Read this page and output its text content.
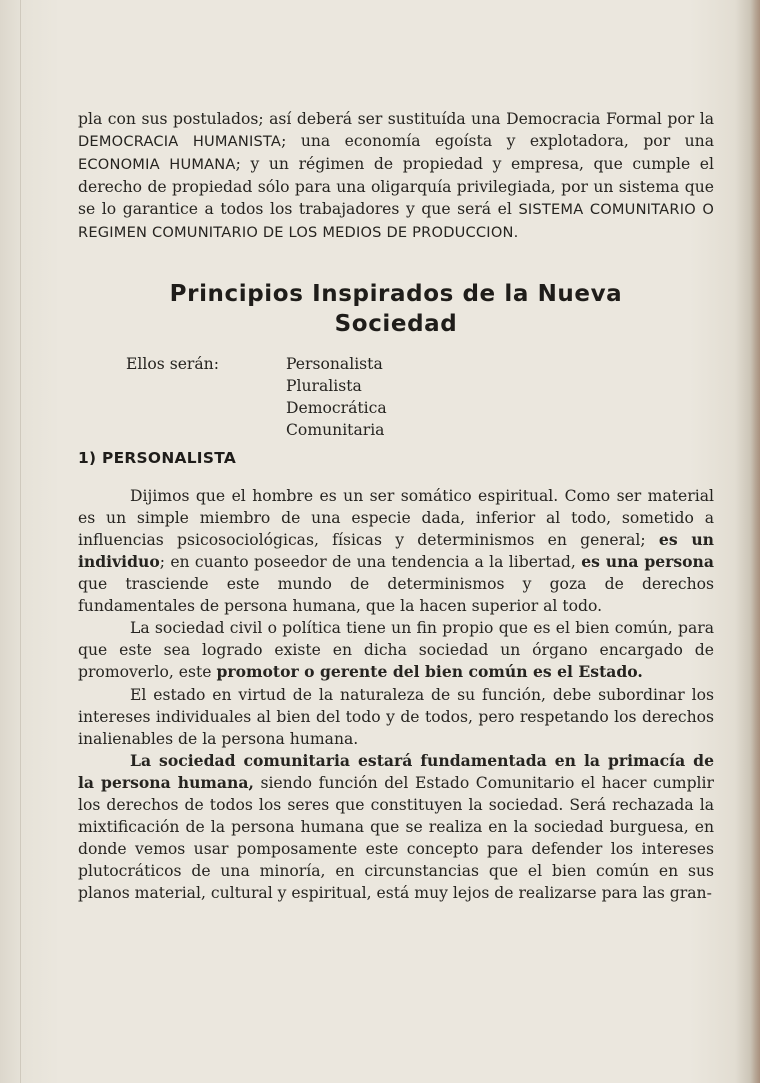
pla con sus postulados; así deberá ser sustituída una Democracia Formal por la DEMOCRACIA HUMANISTA; una economía egoísta y explotadora, por una ECONOMIA HUMANA; y un régimen de propiedad y empresa, que cumple el derecho de propiedad sólo para una oligarquía privilegiada, por un sistema que se lo garantice a todos los trabajadores y que será el SISTEMA COMUNITARIO O REGIMEN COMUNITARIO DE LOS MEDIOS DE PRODUCCION.

Principios Inspirados de la Nueva
Sociedad
Ellos serán:	Personalista
Pluralista
Democrática
Comunitaria
1) PERSONALISTA

Dijimos que el hombre es un ser somático espiritual. Como ser material es un simple miembro de una especie dada, inferior al todo, sometido a influencias psicosociológicas, físicas y determinismos en general; es un individuo; en cuanto poseedor de una tendencia a la libertad, es una persona que trasciende este mundo de determinismos y goza de derechos fundamentales de persona humana, que la hacen superior al todo.

La sociedad civil o política tiene un fin propio que es el bien común, para que este sea logrado existe en dicha sociedad un órgano encargado de promoverlo, este promotor o gerente del bien común es el Estado.

El estado en virtud de la naturaleza de su función, debe subordinar los intereses individuales al bien del todo y de todos, pero respetando los derechos inalienables de la persona humana.

La sociedad comunitaria estará fundamentada en la primacía de la persona humana, siendo función del Estado Comunitario el hacer cumplir los derechos de todos los seres que constituyen la sociedad. Será rechazada la mixtificación de la persona humana que se realiza en la sociedad burguesa, en donde vemos usar pomposamente este concepto para defender los intereses plutocráticos de una minoría, en circunstancias que el bien común en sus planos material, cultural y espiritual, está muy lejos de realizarse para las gran-
